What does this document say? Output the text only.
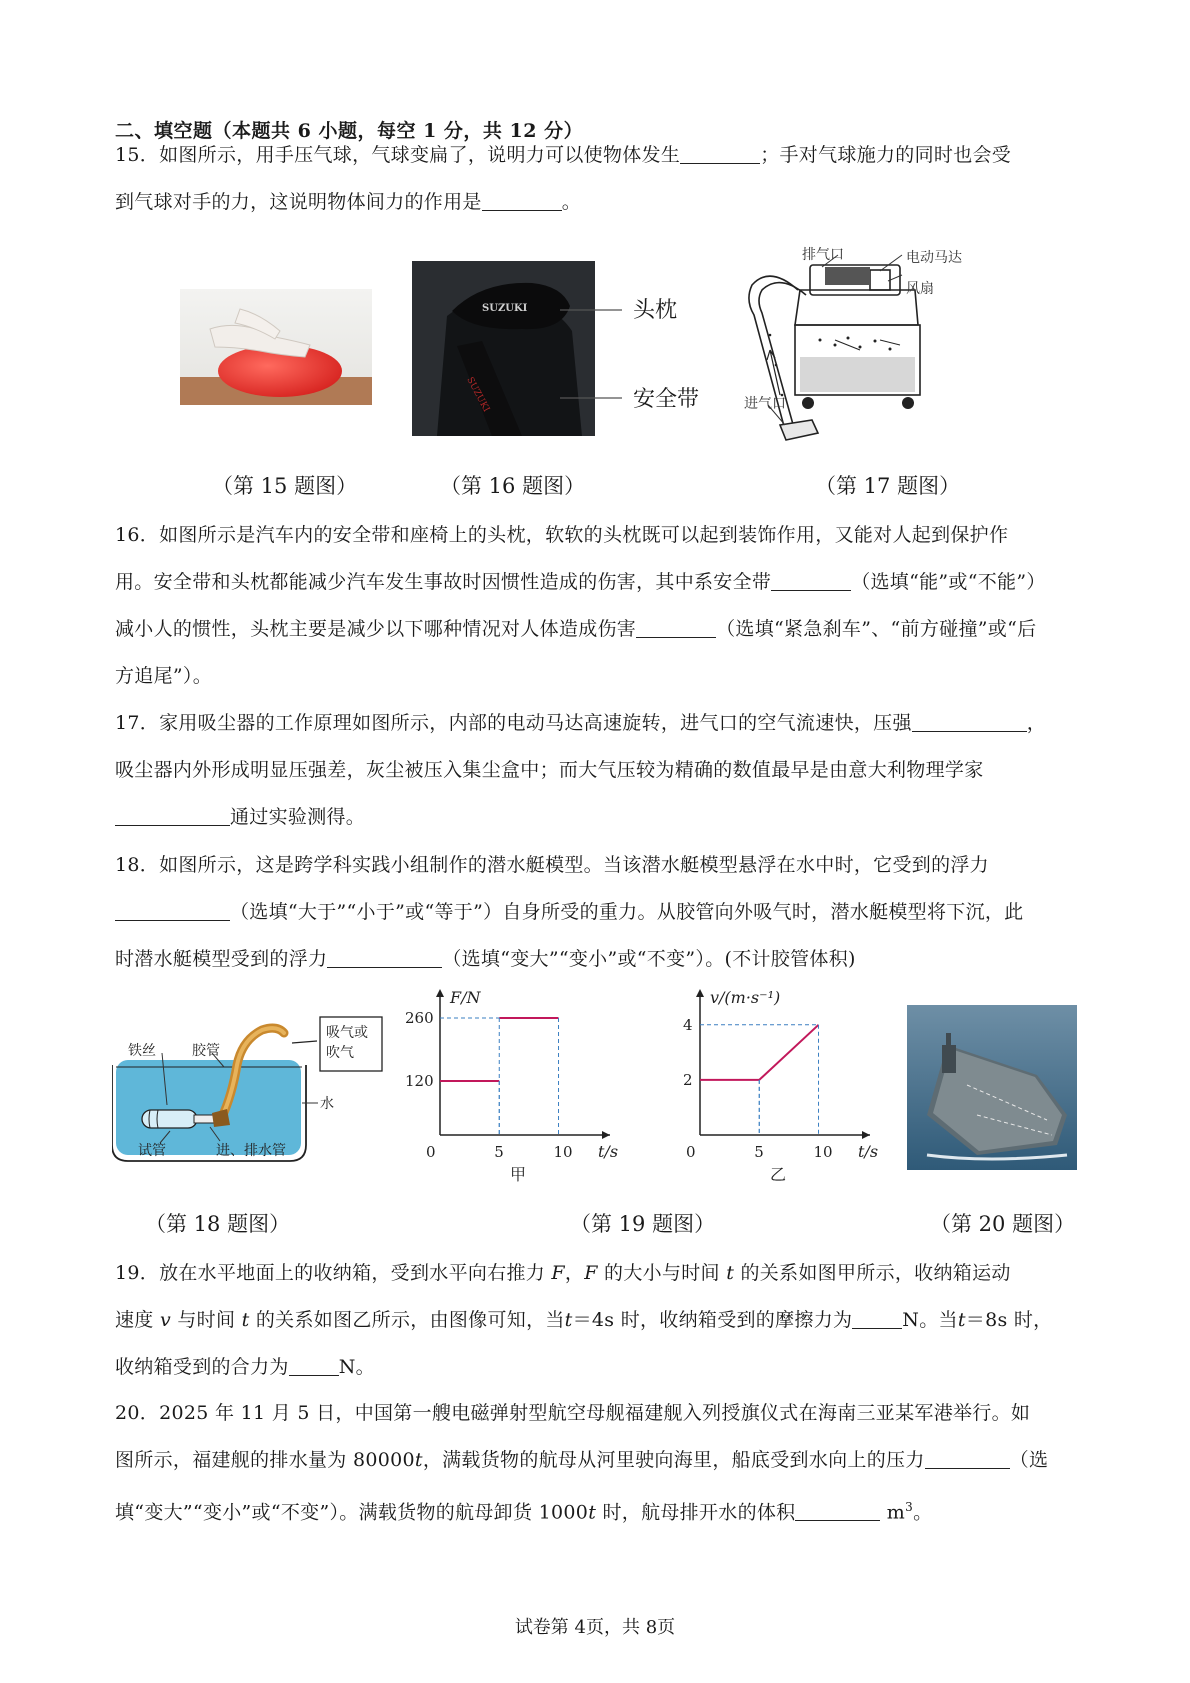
二、填空题（本题共 6 小题，每空 1 分，共 12 分）
15．如图所示，用手压气球，气球变扁了，说明力可以使物体发生	；手对气球施力的同时也会受
到气球对手的力，这说明物体间力的作用是	。
SUZUKI
SUZUKI
头枕
安全带
排气口	电动马达
风扇
进气口
（第 15 题图）	（第 16 题图）	（第 17 题图）
16．如图所示是汽车内的安全带和座椅上的头枕，软软的头枕既可以起到装饰作用，又能对人起到保护作
用。安全带和头枕都能减少汽车发生事故时因惯性造成的伤害，其中系安全带	（选填“能”或“不能”）
减小人的惯性，头枕主要是减少以下哪种情况对人体造成伤害	（选填“紧急刹车”、“前方碰撞”或“后
方追尾”）。
17．家用吸尘器的工作原理如图所示，内部的电动马达高速旋转，进气口的空气流速快，压强	，
吸尘器内外形成明显压强差，灰尘被压入集尘盒中；而大气压较为精确的数值最早是由意大利物理学家
通过实验测得。
18．如图所示，这是跨学科实践小组制作的潜水艇模型。当该潜水艇模型悬浮在水中时，它受到的浮力
（选填“大于”“小于”或“等于”）自身所受的重力。从胶管向外吸气时，潜水艇模型将下沉，此
时潜水艇模型受到的浮力	（选填“变大”“变小”或“不变”）。(不计胶管体积)
铁丝	胶管
吸气或
吹气
水
试管	进、排水管
F/N
t/s
0	5	10
120
260
甲
v/(m·s⁻¹)
t/s
0	5	10
2
4
乙
（第 18 题图）	（第 19 题图）	（第 20 题图）
19．放在水平地面上的收纳箱，受到水平向右推力 F，F 的大小与时间 t 的关系如图甲所示，收纳箱运动
速度 v 与时间 t 的关系如图乙所示，由图像可知，当t＝4s 时，收纳箱受到的摩擦力为	N。当t＝8s 时，
收纳箱受到的合力为	N。
20．2025 年 11 月 5 日，中国第一艘电磁弹射型航空母舰福建舰入列授旗仪式在海南三亚某军港举行。如
图所示，福建舰的排水量为 80000t，满载货物的航母从河里驶向海里，船底受到水向上的压力	（选
填“变大”“变小”或“不变”）。满载货物的航母卸货 1000t 时，航母排开水的体积	$m^3$。
试卷第 4页，共 8页
